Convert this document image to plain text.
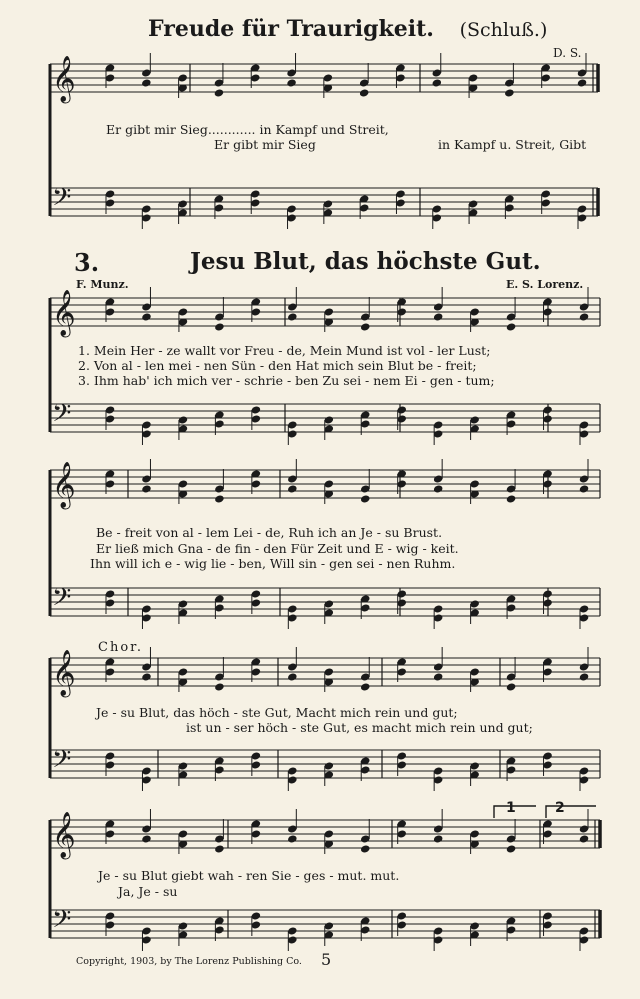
Freude für Traurigkeit. (Schluß.)
D. S.
Er gibt mir Sieg............ in Kampf und Streit,
Er gibt mir Sieg	in Kampf u. Streit, Gibt
3.	Jesu Blut, das höchste Gut.
F. Munz.	E. S. Lorenz.
1. Mein Her - ze wallt vor Freu - de, Mein Mund ist vol - ler Lust;
2. Von al - len mei - nen Sün - den Hat mich sein Blut be - freit;
3. Ihm hab' ich mich ver - schrie - ben Zu sei - nem Ei - gen - tum;
Be - freit von al - lem Lei - de, Ruh ich an Je - su Brust.
Er ließ mich Gna - de fin - den Für Zeit und E - wig - keit.
Ihn will ich e - wig lie - ben, Will sin - gen sei - nen Ruhm.
Chor.
Je - su Blut, das höch - ste Gut, Macht mich rein und gut;
ist un - ser höch - ste Gut, es macht mich rein und gut;
Je - su Blut giebt wah - ren Sie - ges - mut. mut.
Ja, Je - su
1	2
Copyright, 1903, by The Lorenz Publishing Co. 5
𝄞
𝄢
𝄞
𝄢
𝄞
𝄢
𝄞
𝄢
𝄞
𝄢
